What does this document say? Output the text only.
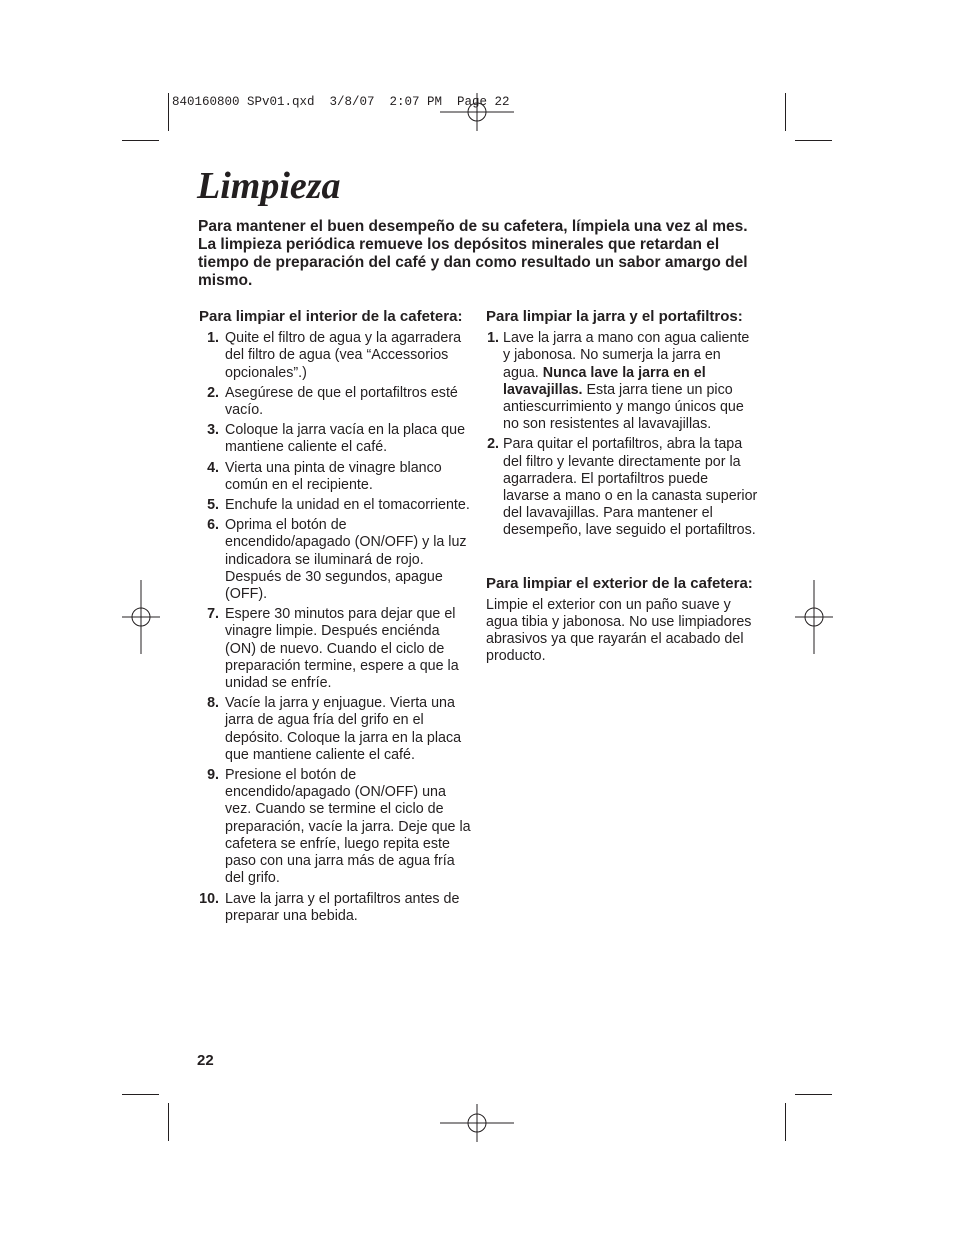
840160800 SPv01.qxd  3/8/07  2:07 PM  Page 22
Limpieza

Para mantener el buen desempeño de su cafetera, límpiela una vez al mes. La limpieza periódica remueve los depósitos minerales que retardan el tiempo de preparación del café y dan como resultado un sabor amargo del mismo.

Para limpiar el interior de la cafetera:
1. Quite el filtro de agua y la agarradera del filtro de agua (vea “Accessorios opcionales”.)
2. Asegúrese de que el portafiltros esté vacío.
3. Coloque la jarra vacía en la placa que mantiene caliente el café.
4. Vierta una pinta de vinagre blanco común en el recipiente.
5. Enchufe la unidad en el tomacorriente.
6. Oprima el botón de encendido/apagado (ON/OFF) y la luz indicadora se iluminará de rojo. Después de 30 segundos, apague (OFF).
7. Espere 30 minutos para dejar que el vinagre limpie. Después enciénda (ON) de nuevo. Cuando el ciclo de preparación termine, espere a que la unidad se enfríe.
8. Vacíe la jarra y enjuague. Vierta una jarra de agua fría del grifo en el depósito. Coloque la jarra en la placa que mantiene caliente el café.
9. Presione el botón de encendido/apagado (ON/OFF) una vez. Cuando se termine el ciclo de preparación, vacíe la jarra. Deje que la cafetera se enfríe, luego repita este paso con una jarra más de agua fría del grifo.
10. Lave la jarra y el portafiltros antes de preparar una bebida.
Para limpiar la jarra y el portafiltros:
1. Lave la jarra a mano con agua caliente y jabonosa. No sumerja la jarra en agua. Nunca lave la jarra en el lavavajillas. Esta jarra tiene un pico antiescurrimiento y mango únicos que no son resistentes al lavavajillas.
2. Para quitar el portafiltros, abra la tapa del filtro y levante directamente por la agarradera. El portafiltros puede lavarse a mano o en la canasta superior del lavavajillas. Para mantener el desempeño, lave seguido el portafiltros.
Para limpiar el exterior de la cafetera:

Limpie el exterior con un paño suave y agua tibia y jabonosa. No use limpiadores abrasivos ya que rayarán el acabado del producto.

22
